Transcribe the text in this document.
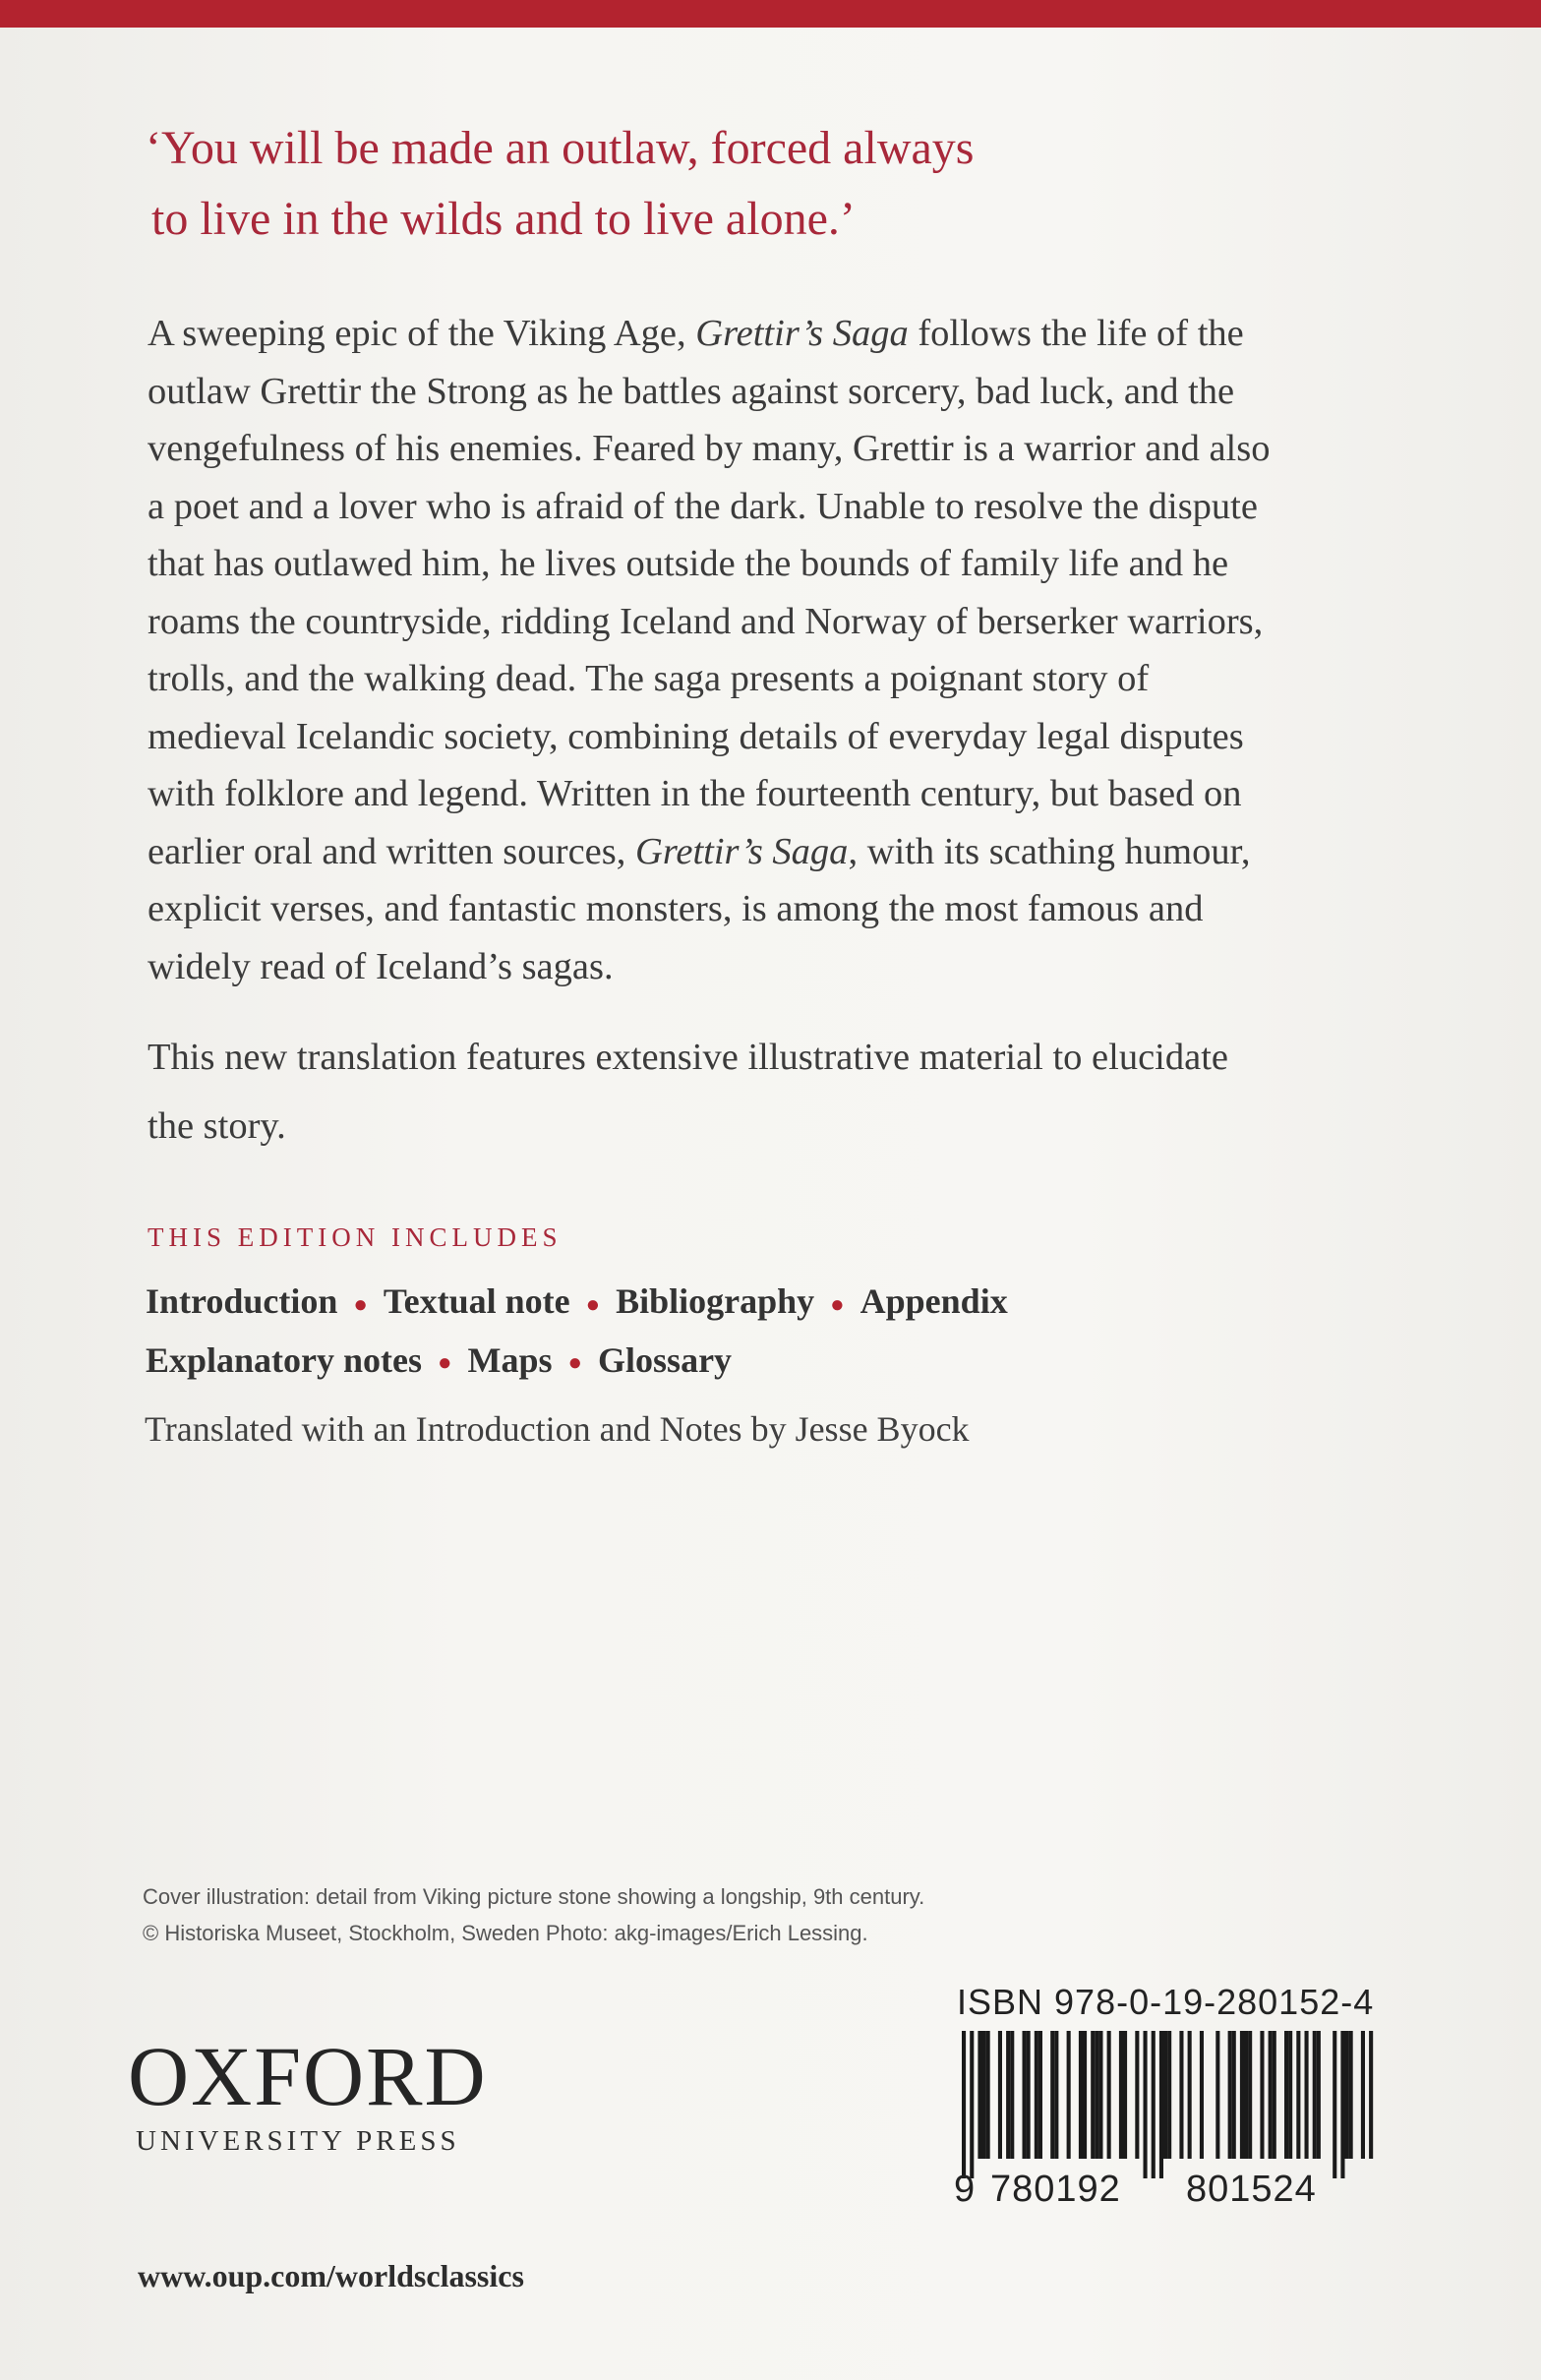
‘You will be made an outlaw, forced always
to live in the wilds and to live alone.’
A sweeping epic of the Viking Age, Grettir’s Saga follows the life of the
outlaw Grettir the Strong as he battles against sorcery, bad luck, and the
vengefulness of his enemies. Feared by many, Grettir is a warrior and also
a poet and a lover who is afraid of the dark. Unable to resolve the dispute
that has outlawed him, he lives outside the bounds of family life and he
roams the countryside, ridding Iceland and Norway of berserker warriors,
trolls, and the walking dead. The saga presents a poignant story of
medieval Icelandic society, combining details of everyday legal disputes
with folklore and legend. Written in the fourteenth century, but based on
earlier oral and written sources, Grettir’s Saga, with its scathing humour,
explicit verses, and fantastic monsters, is among the most famous and
widely read of Iceland’s sagas.
This new translation features extensive illustrative material to elucidate
the story.
THIS EDITION INCLUDES
Introduction ● Textual note ● Bibliography ● Appendix
Explanatory notes ● Maps ● Glossary
Translated with an Introduction and Notes by Jesse Byock
Cover illustration: detail from Viking picture stone showing a longship, 9th century.
© Historiska Museet, Stockholm, Sweden Photo: akg-images/Erich Lessing.
OXFORD
UNIVERSITY PRESS
ISBN 978-0-19-280152-4
9 780192 801524
www.oup.com/worldsclassics
